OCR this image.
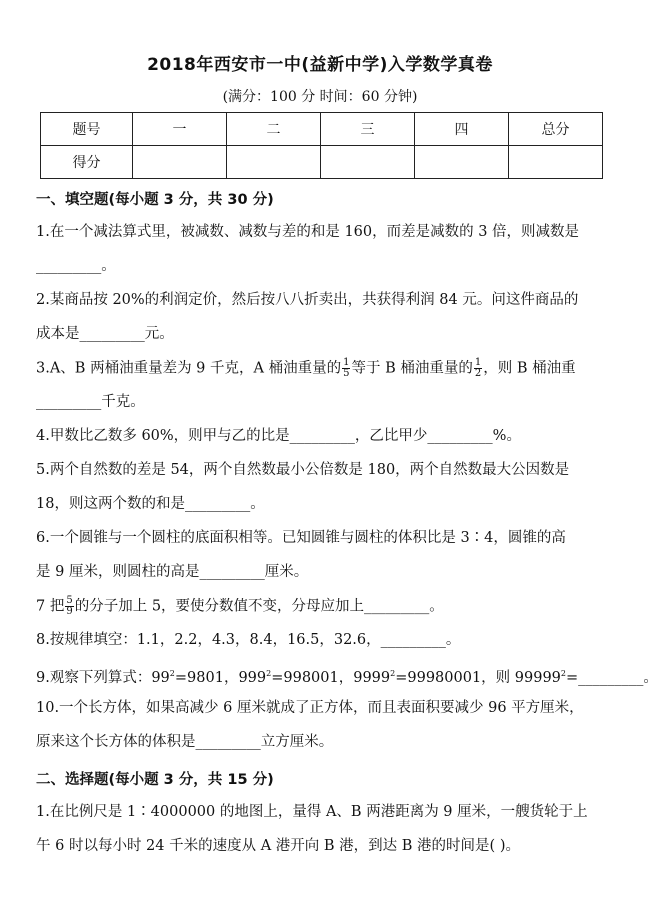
2018年西安市一中(益新中学)入学数学真卷
(满分：100 分 时间：60 分钟)
题号	一	二	三	四	总分
得分					
一、填空题(每小题 3 分，共 30 分)
1.在一个减法算式里，被减数、减数与差的和是 160，而差是减数的 3 倍，则减数是
_________。
2.某商品按 20%的利润定价，然后按八八折卖出，共获得利润 84 元。问这件商品的
成本是_________元。
3.A、B 两桶油重量差为 9 千克，A 桶油重量的 $\frac{1}{5}$ 等于 B 桶油重量的 $\frac{1}{2}$ ，则 B 桶油重
_________千克。
4.甲数比乙数多 60%，则甲与乙的比是_________，乙比甲少_________%。
5.两个自然数的差是 54，两个自然数最小公倍数是 180，两个自然数最大公因数是
18，则这两个数的和是_________。
6.一个圆锥与一个圆柱的底面积相等。已知圆锥与圆柱的体积比是 3∶4，圆锥的高
是 9 厘米，则圆柱的高是_________厘米。
7 把 $\frac{5}{9}$ 的分子加上 5，要使分数值不变，分母应加上_________。
8.按规律填空：1.1，2.2，4.3，8.4，16.5，32.6，_________。
9.观察下列算式：$99^2=9801$，$999^2=998001$，$9999^2=99980001$，则 $99999^2=\_\_\_\_\_\_\_\_\_$。
10.一个长方体，如果高减少 6 厘米就成了正方体，而且表面积要减少 96 平方厘米，
原来这个长方体的体积是_________立方厘米。
二、选择题(每小题 3 分，共 15 分)
1.在比例尺是 1∶4000000 的地图上，量得 A、B 两港距离为 9 厘米，一艘货轮于上
午 6 时以每小时 24 千米的速度从 A 港开向 B 港，到达 B 港的时间是( )。
